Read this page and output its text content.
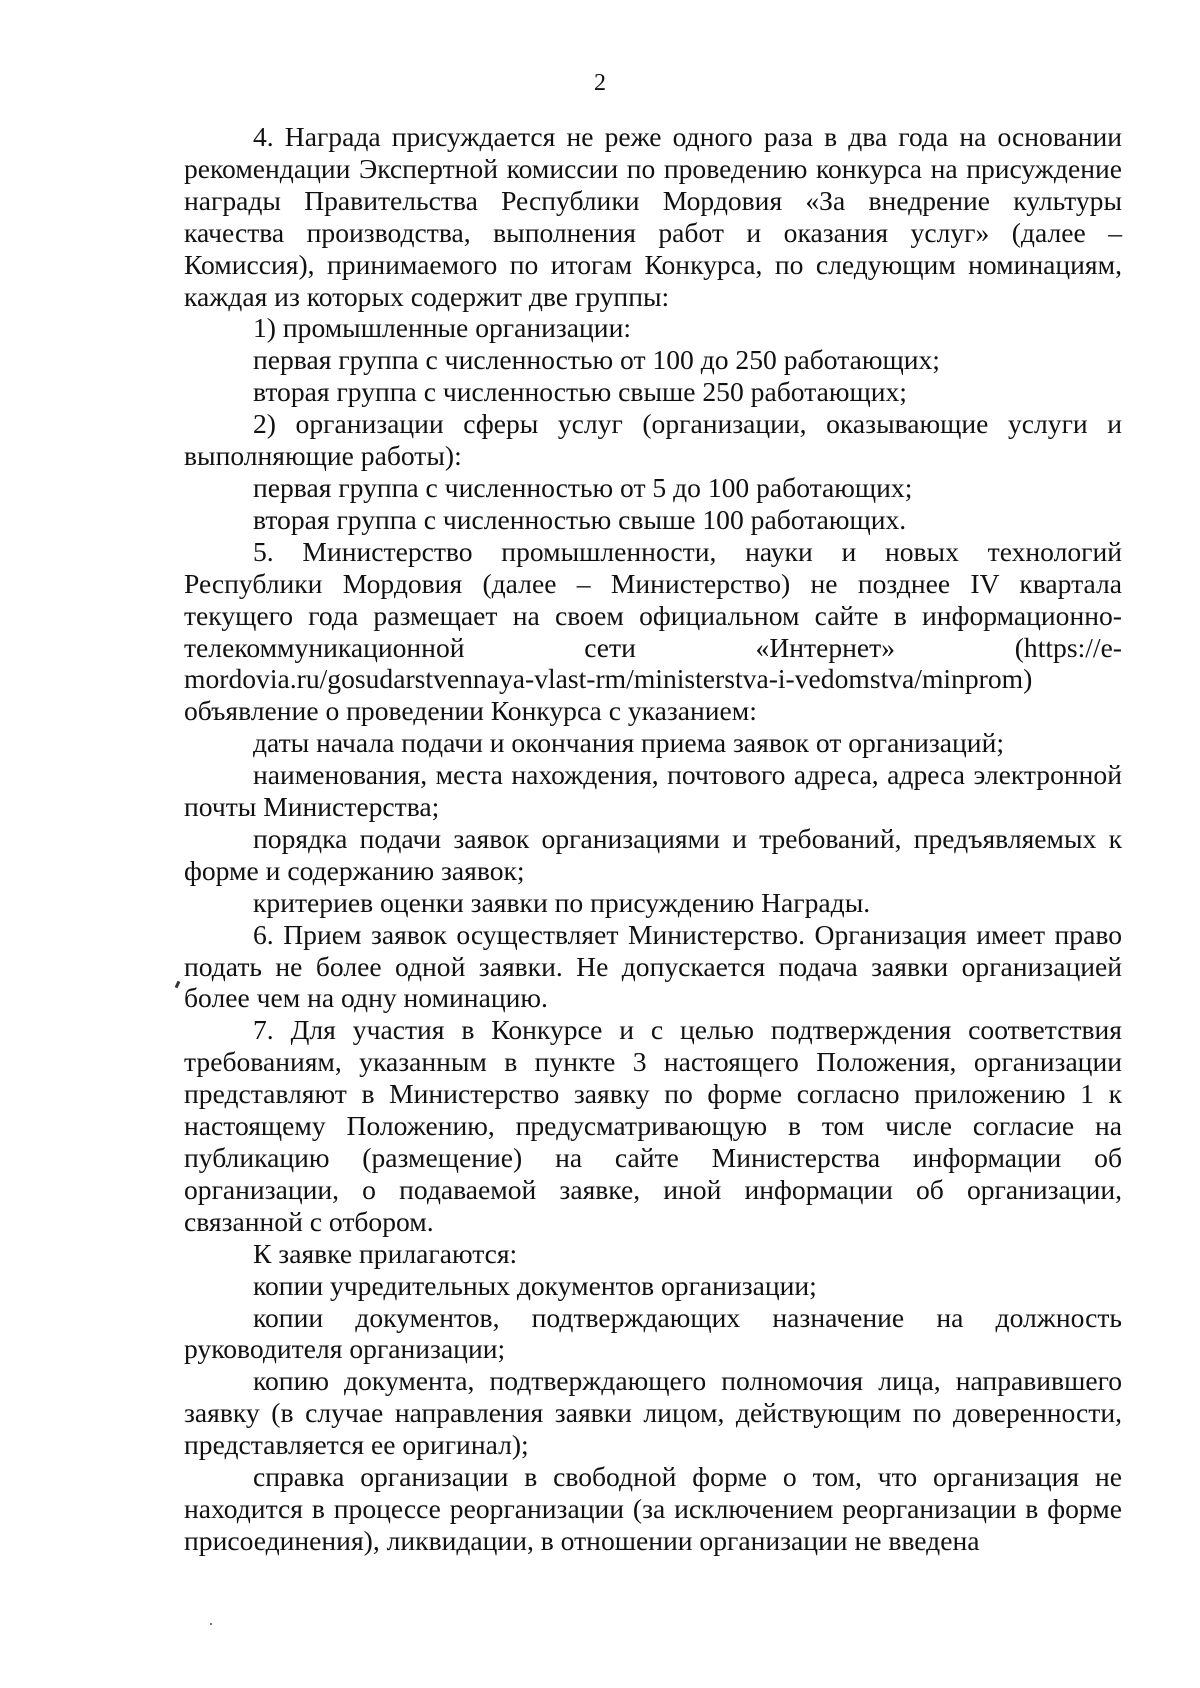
2

4. Награда присуждается не реже одного раза в два года на основании рекомендации Экспертной комиссии по проведению конкурса на присуждение награды Правительства Республики Мордовия «За внедрение культуры качества производства, выполнения работ и оказания услуг» (далее – Комиссия), принимаемого по итогам Конкурса, по следующим номинациям, каждая из которых содержит две группы:

1) промышленные организации:

первая группа с численностью от 100 до 250 работающих;

вторая группа с численностью свыше 250 работающих;

2) организации сферы услуг (организации, оказывающие услуги и выполняющие работы):

первая группа с численностью от 5 до 100 работающих;

вторая группа с численностью свыше 100 работающих.

5. Министерство промышленности, науки и новых технологий Республики Мордовия (далее – Министерство) не позднее IV квартала текущего года размещает на своем официальном сайте в информационно-телекоммуникационной сети «Интернет» (https://e-mordovia.ru/gosudarstvennaya-vlast-rm/ministerstva-i-vedomstva/minprom) объявление о проведении Конкурса с указанием:

даты начала подачи и окончания приема заявок от организаций;

наименования, места нахождения, почтового адреса, адреса электронной почты Министерства;

порядка подачи заявок организациями и требований, предъявляемых к форме и содержанию заявок;

критериев оценки заявки по присуждению Награды.

6. Прием заявок осуществляет Министерство. Организация имеет право подать не более одной заявки. Не допускается подача заявки организацией более чем на одну номинацию.

7. Для участия в Конкурсе и с целью подтверждения соответствия требованиям, указанным в пункте 3 настоящего Положения, организации представляют в Министерство заявку по форме согласно приложению 1 к настоящему Положению, предусматривающую в том числе согласие на публикацию (размещение) на сайте Министерства информации об организации, о подаваемой заявке, иной информации об организации, связанной с отбором.

К заявке прилагаются:

копии учредительных документов организации;

копии документов, подтверждающих назначение на должность руководителя организации;

копию документа, подтверждающего полномочия лица, направившего заявку (в случае направления заявки лицом, действующим по доверенности, представляется ее оригинал);

справка организации в свободной форме о том, что организация не находится в процессе реорганизации (за исключением реорганизации в форме присоединения), ликвидации, в отношении организации не введена
